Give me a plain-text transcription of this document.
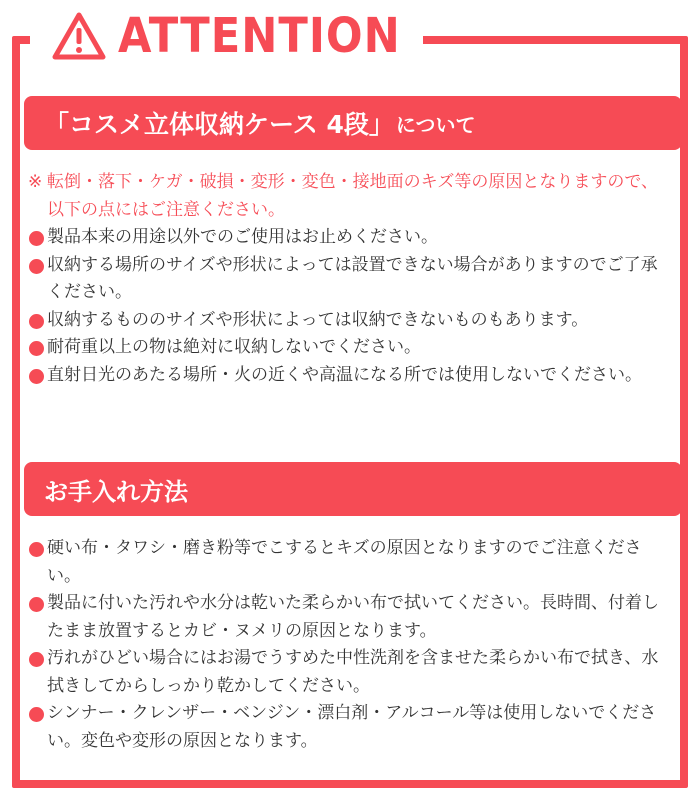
ATTENTION
「コスメ立体収納ケース 4段」 について
※ 転倒・落下・ケガ・破損・変形・変色・接地面のキズ等の原因となりますので、以下の点にはご注意ください。
製品本来の用途以外でのご使用はお止めください。
収納する場所のサイズや形状によっては設置できない場合がありますのでご了承ください。
収納するもののサイズや形状によっては収納できないものもあります。
耐荷重以上の物は絶対に収納しないでください。
直射日光のあたる場所・火の近くや高温になる所では使用しないでください。
お手入れ方法
硬い布・タワシ・磨き粉等でこするとキズの原因となりますのでご注意ください。
製品に付いた汚れや水分は乾いた柔らかい布で拭いてください。長時間、付着したまま放置するとカビ・ヌメリの原因となります。
汚れがひどい場合にはお湯でうすめた中性洗剤を含ませた柔らかい布で拭き、水拭きしてからしっかり乾かしてください。
シンナー・クレンザー・ベンジン・漂白剤・アルコール等は使用しないでください。変色や変形の原因となります。
